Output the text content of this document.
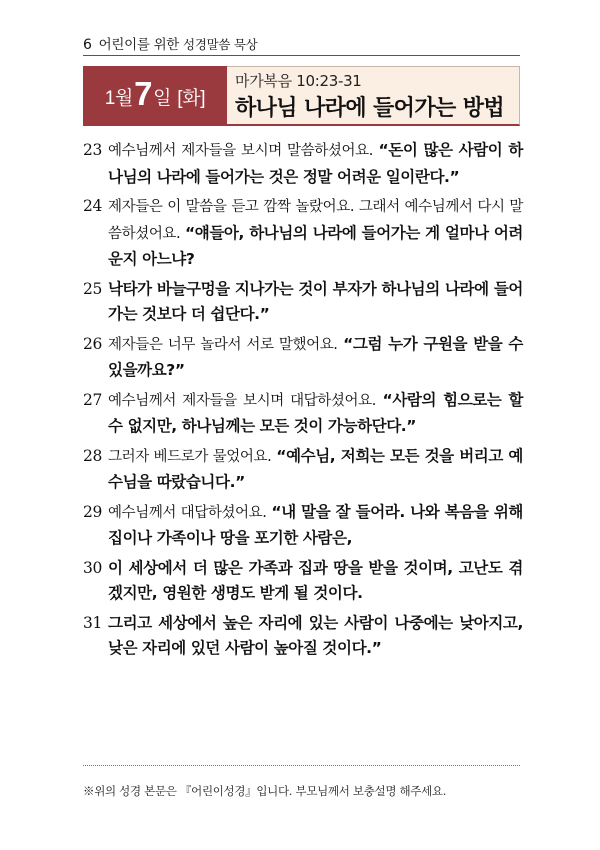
6 어린이를 위한 성경말씀 묵상
1월 7 일 [화]
마가복음 10:23-31
하나님 나라에 들어가는 방법
23 예수님께서 제자들을 보시며 말씀하셨어요. “돈이 많은 사람이 하나님의 나라에 들어가는 것은 정말 어려운 일이란다.”
24 제자들은 이 말씀을 듣고 깜짝 놀랐어요. 그래서 예수님께서 다시 말씀하셨어요. “얘들아, 하나님의 나라에 들어가는 게 얼마나 어려운지 아느냐?
25 낙타가 바늘구멍을 지나가는 것이 부자가 하나님의 나라에 들어가는 것보다 더 쉽단다.”
26 제자들은 너무 놀라서 서로 말했어요. “그럼 누가 구원을 받을 수 있을까요?”
27 예수님께서 제자들을 보시며 대답하셨어요. “사람의 힘으로는 할 수 없지만, 하나님께는 모든 것이 가능하단다.”
28 그러자 베드로가 물었어요. “예수님, 저희는 모든 것을 버리고 예수님을 따랐습니다.”
29 예수님께서 대답하셨어요. “내 말을 잘 들어라. 나와 복음을 위해 집이나 가족이나 땅을 포기한 사람은,
30 이 세상에서 더 많은 가족과 집과 땅을 받을 것이며, 고난도 겪겠지만, 영원한 생명도 받게 될 것이다.
31 그리고 세상에서 높은 자리에 있는 사람이 나중에는 낮아지고, 낮은 자리에 있던 사람이 높아질 것이다.”
※위의 성경 본문은 『어린이성경』입니다. 부모님께서 보충설명 해주세요.
